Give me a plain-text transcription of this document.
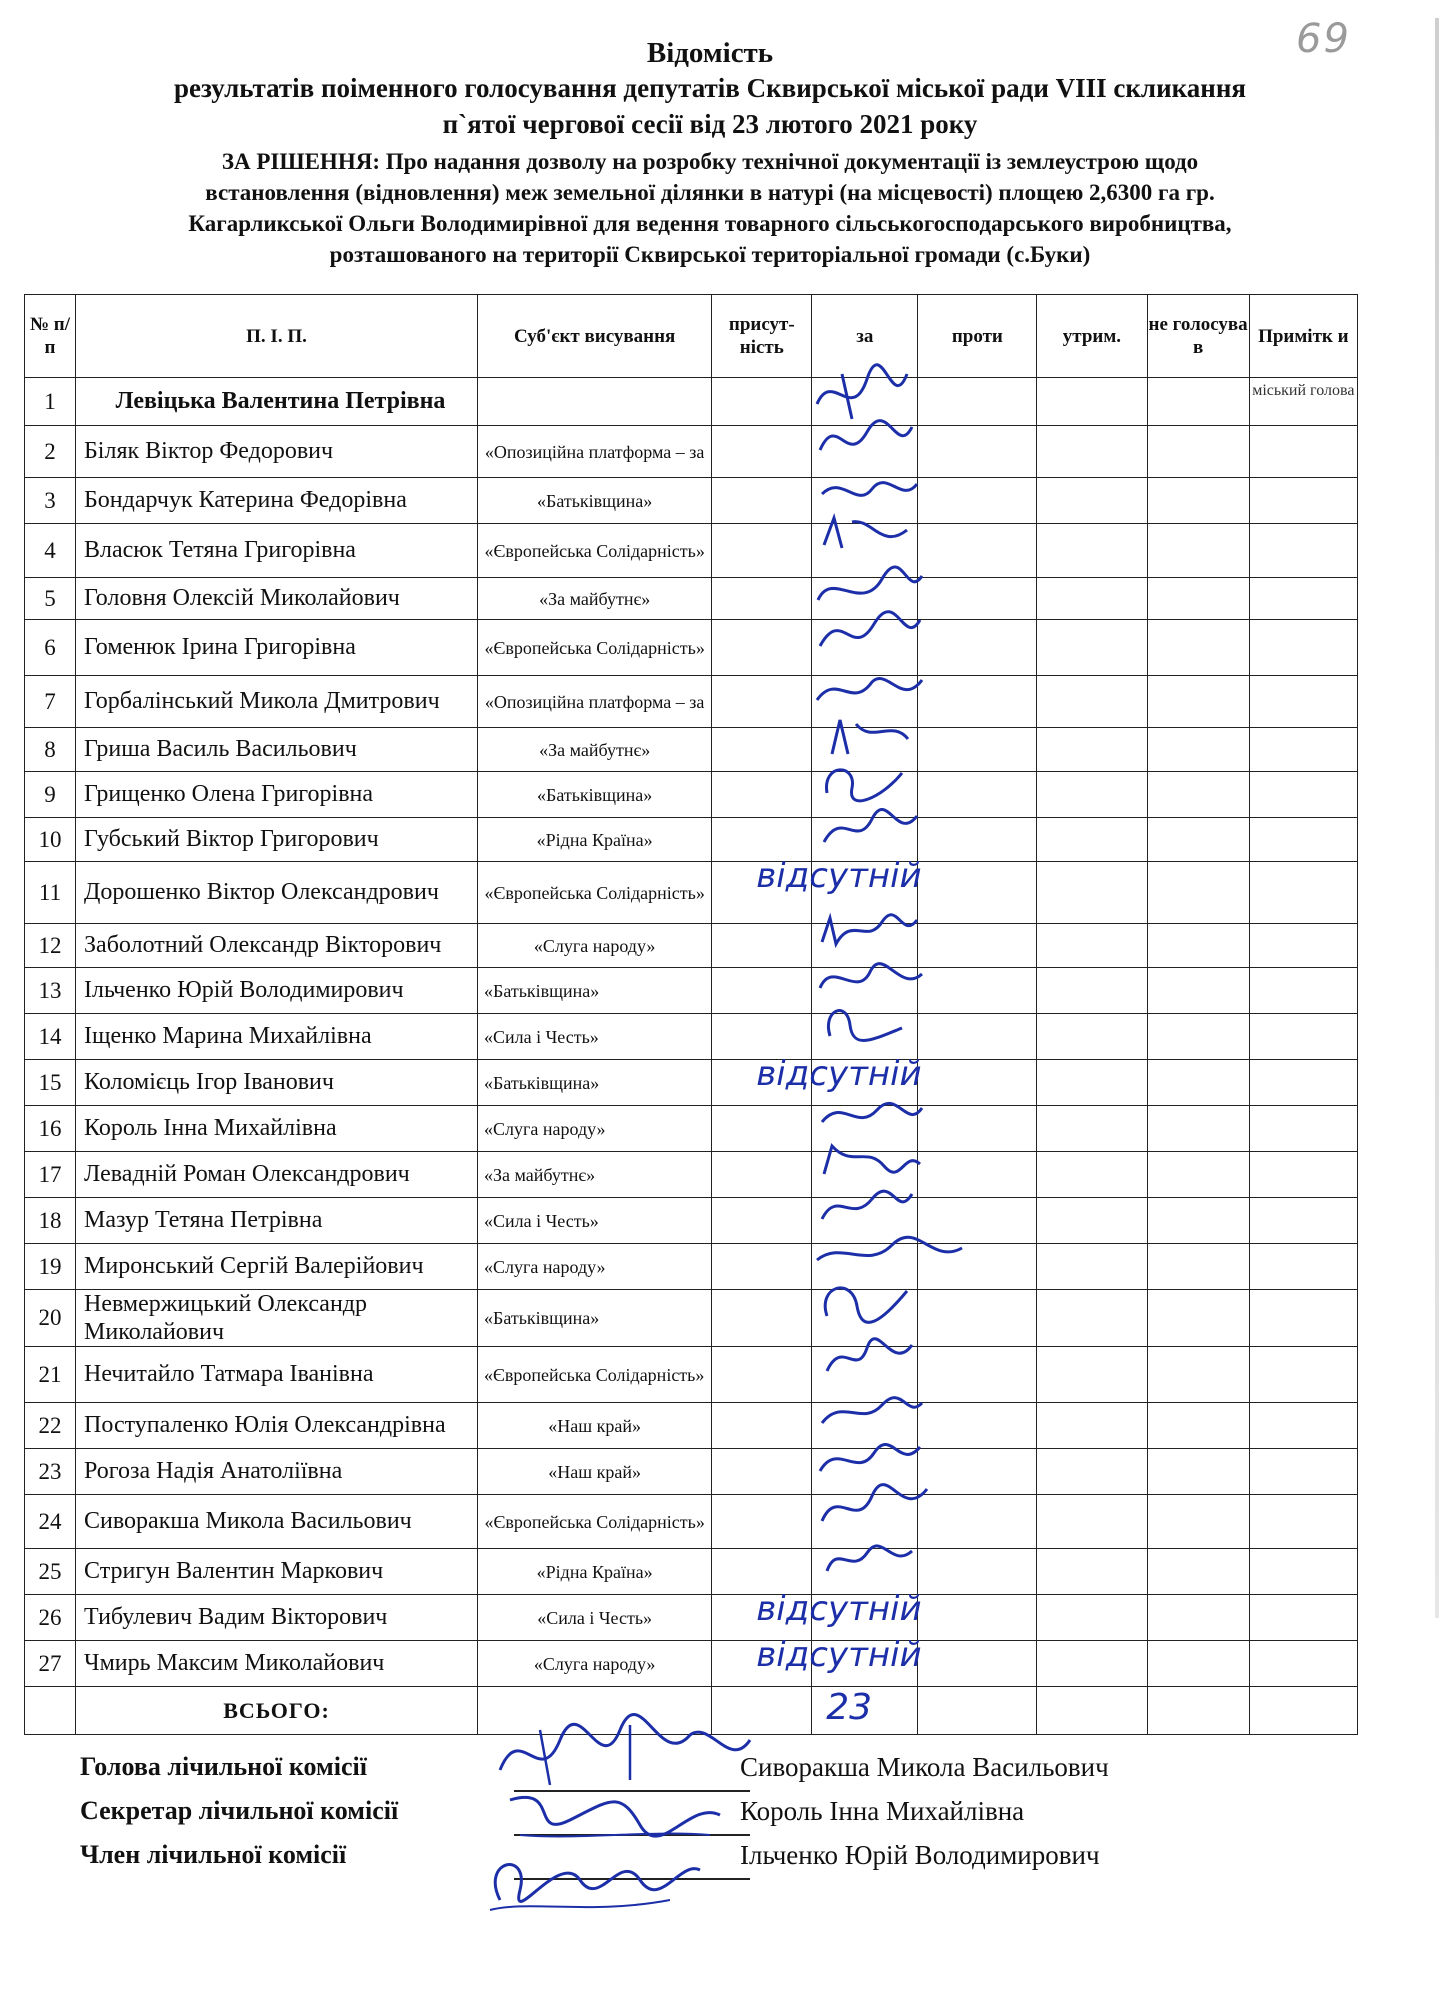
69
Відомість
результатів поіменного голосування депутатів Сквирської міської ради VIII скликання
п`ятої чергової сесії від 23 лютого 2021 року
ЗА РІШЕННЯ: Про надання дозволу на розробку технічної документації із землеустрою щодо
встановлення (відновлення) меж земельної ділянки в натурі (на місцевості) площею 2,6300 га гр.
Кагарликської Ольги Володимирівної для ведення товарного сільськогосподарського виробництва,
розташованого на території Сквирської територіальної громади (с.Буки)
№ п/п	П. І. П.	Суб'єкт висування	присут-ність	за	проти	утрим.	не голосува в	Примітк и
1	Левіцька Валентина Петрівна							міський голова
2	Біляк Віктор Федорович	«Опозиційна платформа – за		

3	Бондарчук Катерина Федорівна	«Батьківщина»		

4	Власюк Тетяна Григорівна	«Європейська Солідарність»		

5	Головня Олексій Миколайович	«За майбутнє»		

6	Гоменюк Ірина Григорівна	«Європейська Солідарність»		

7	Горбалінський Микола Дмитрович	«Опозиційна платформа – за		

8	Гриша Василь Васильович	«За майбутнє»		

9	Грищенко Олена Григорівна	«Батьківщина»		

10	Губський Віктор Григорович	«Рідна Країна»		

11	Дорошенко Віктор Олександрович	«Європейська Солідарність»		відсутній				

12	Заболотний Олександр Вікторович	«Слуга народу»		

13	Ільченко Юрій Володимирович	«Батьківщина»		

14	Іщенко Марина Михайлівна	«Сила і Честь»		

15	Коломієць Ігор Іванович	«Батьківщина»		відсутній				

16	Король Інна Михайлівна	«Слуга народу»		

17	Левадній Роман Олександрович	«За майбутнє»		

18	Мазур Тетяна Петрівна	«Сила і Честь»		

19	Миронський Сергій Валерійович	«Слуга народу»		

20	Невмержицький Олександр Миколайович	«Батьківщина»		

21	Нечитайло Татмара Іванівна	«Європейська Солідарність»		

22	Поступаленко Юлія Олександрівна	«Наш край»		

23	Рогоза Надія Анатоліївна	«Наш край»		

24	Сиворакша Микола Васильович	«Європейська Солідарність»		

25	Стригун Валентин Маркович	«Рідна Країна»		

26	Тибулевич Вадим Вікторович	«Сила і Честь»		відсутній				

27	Чмирь Максим Миколайович	«Слуга народу»		відсутній				

	ВСЬОГО:			23				

Голова лічильної комісії
Секретар лічильної комісії
Член лічильної комісії
Сиворакша Микола Васильович
Король Інна Михайлівна
Ільченко Юрій Володимирович
